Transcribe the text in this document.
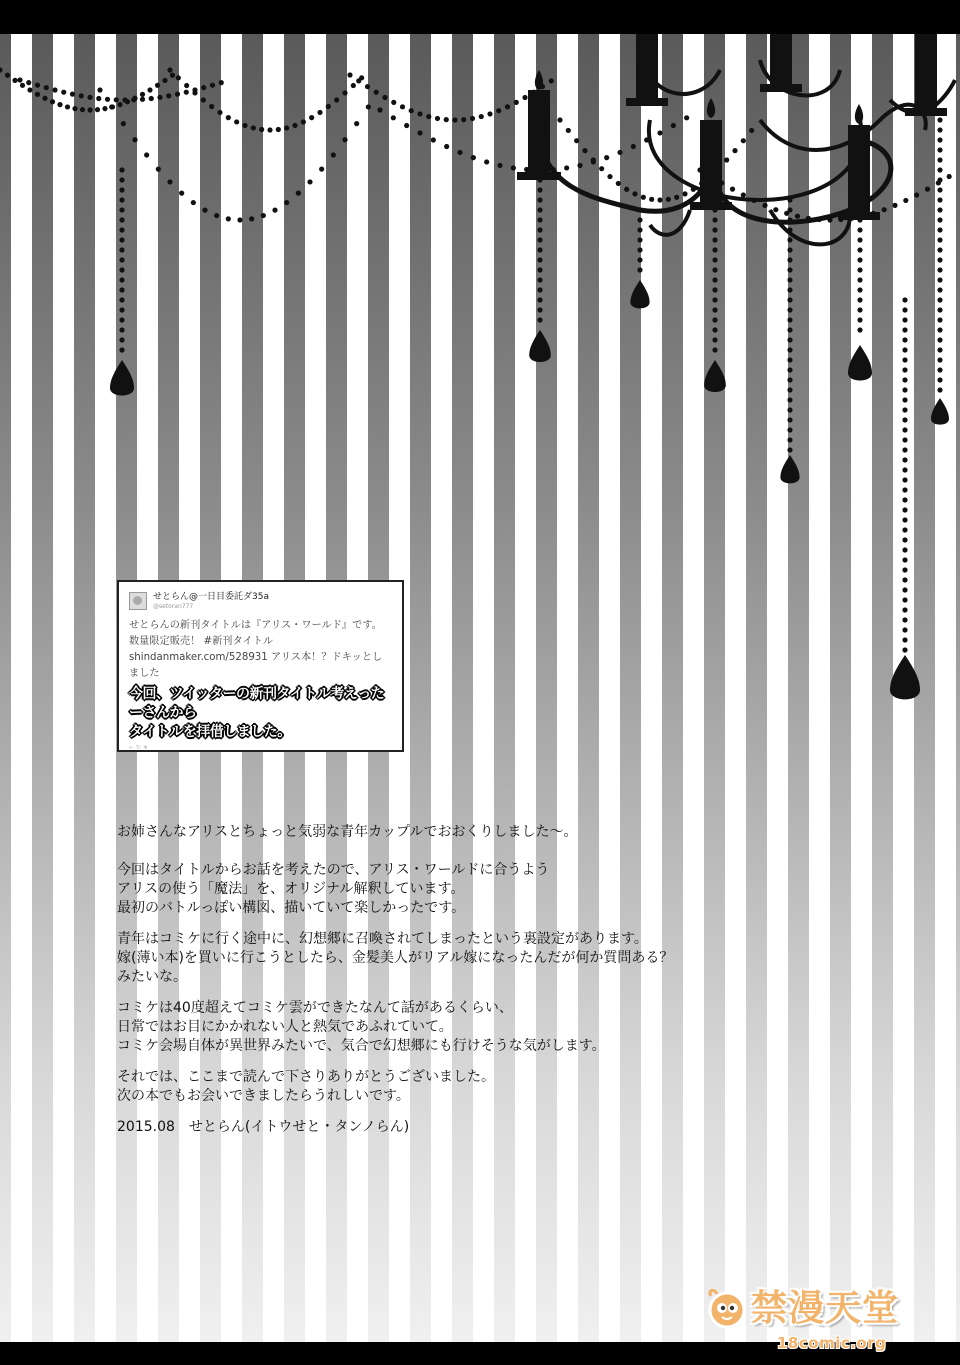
せとらん@一日目委託ダ35a
@setoran777
せとらんの新刊タイトルは『アリス・ワールド』です。数量限定販売！ #新刊タイトル shindanmaker.com/528931 アリス本！？ドキッとしました
今回、ツイッターの新刊タイトル考えったーさんから
タイトルを拝借しました。
← ↻ ★

お姉さんなアリスとちょっと気弱な青年カップルでおおくりしました～。

今回はタイトルからお話を考えたので、アリス・ワールドに合うよう
アリスの使う「魔法」を、オリジナル解釈しています。
最初のバトルっぽい構図、描いていて楽しかったです。

青年はコミケに行く途中に、幻想郷に召喚されてしまったという裏設定があります。
嫁(薄い本)を買いに行こうとしたら、金髪美人がリアル嫁になったんだが何か質問ある？
みたいな。

コミケは40度超えてコミケ雲ができたなんて話があるくらい、
日常ではお目にかかれない人と熱気であふれていて。
コミケ会場自体が異世界みたいで、気合で幻想郷にも行けそうな気がします。

それでは、ここまで読んで下さりありがとうございました。
次の本でもお会いできましたらうれしいです。

2015.08　せとらん(イトウせと・タンノらん)

禁漫天堂
18comic.org
